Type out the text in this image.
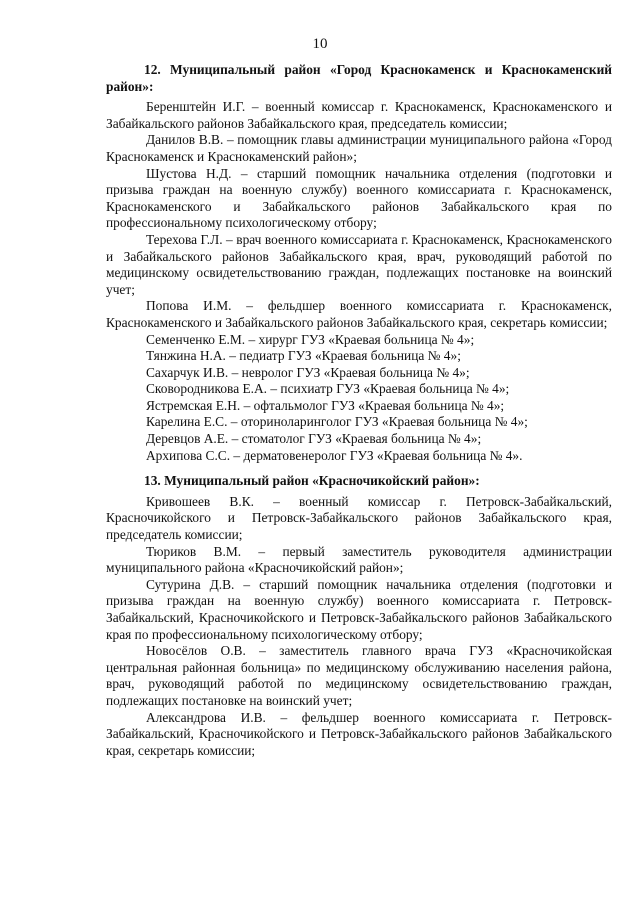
10

12. Муниципальный район «Город Краснокаменск и Краснокаменский район»:

Беренштейн И.Г. – военный комиссар г. Краснокаменск, Краснокаменского и Забайкальского районов Забайкальского края, председатель комиссии;

Данилов В.В. – помощник главы администрации муниципального района «Город Краснокаменск и Краснокаменский район»;

Шустова Н.Д. – старший помощник начальника отделения (подготовки и призыва граждан на военную службу) военного комиссариата г. Краснокаменск, Краснокаменского и Забайкальского районов Забайкальского края по профессиональному психологическому отбору;

Терехова Г.Л. – врач военного комиссариата г. Краснокаменск, Краснокаменского и Забайкальского районов Забайкальского края, врач, руководящий работой по медицинскому освидетельствованию граждан, подлежащих постановке на воинский учет;

Попова И.М. – фельдшер военного комиссариата г. Краснокаменск, Краснокаменского и Забайкальского районов Забайкальского края, секретарь комиссии;

Семенченко Е.М. – хирург ГУЗ «Краевая больница № 4»;

Тянжина Н.А. – педиатр ГУЗ «Краевая больница № 4»;

Сахарчук И.В. – невролог ГУЗ «Краевая больница № 4»;

Сковородникова Е.А. – психиатр ГУЗ «Краевая больница № 4»;

Ястремская Е.Н. – офтальмолог ГУЗ «Краевая больница № 4»;

Карелина Е.С. – оториноларинголог ГУЗ «Краевая больница № 4»;

Деревцов А.Е. – стоматолог ГУЗ «Краевая больница № 4»;

Архипова С.С. – дерматовенеролог ГУЗ «Краевая больница № 4».

13. Муниципальный район «Красночикойский район»:

Кривошеев В.К. – военный комиссар г. Петровск-Забайкальский, Красночикойского и Петровск-Забайкальского районов Забайкальского края, председатель комиссии;

Тюриков В.М. – первый заместитель руководителя администрации муниципального района «Красночикойский район»;

Сутурина Д.В. – старший помощник начальника отделения (подготовки и призыва граждан на военную службу) военного комиссариата г. Петровск-Забайкальский, Красночикойского и Петровск-Забайкальского районов Забайкальского края по профессиональному психологическому отбору;

Новосёлов О.В. – заместитель главного врача ГУЗ «Красночикойская центральная районная больница» по медицинскому обслуживанию населения района, врач, руководящий работой по медицинскому освидетельствованию граждан, подлежащих постановке на воинский учет;

Александрова И.В. – фельдшер военного комиссариата г. Петровск-Забайкальский, Красночикойского и Петровск-Забайкальского районов Забайкальского края, секретарь комиссии;
